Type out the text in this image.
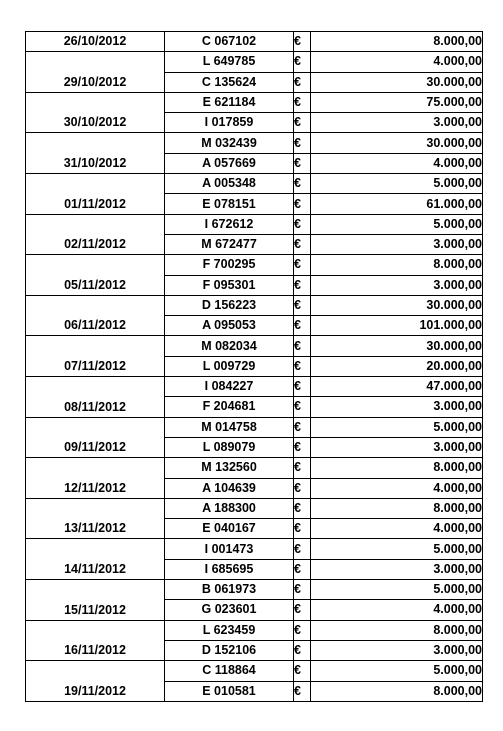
26/10/2012	C 067102	€	8.000,00
29/10/2012	L 649785	€	4.000,00
	C 135624	€	30.000,00
30/10/2012	E 621184	€	75.000,00
	I 017859	€	3.000,00
31/10/2012	M 032439	€	30.000,00
	A 057669	€	4.000,00
01/11/2012	A 005348	€	5.000,00
	E 078151	€	61.000,00
02/11/2012	I 672612	€	5.000,00
	M 672477	€	3.000,00
05/11/2012	F 700295	€	8.000,00
	F 095301	€	3.000,00
06/11/2012	D 156223	€	30.000,00
	A 095053	€	101.000,00
07/11/2012	M 082034	€	30.000,00
	L 009729	€	20.000,00
08/11/2012	I 084227	€	47.000,00
	F 204681	€	3.000,00
09/11/2012	M 014758	€	5.000,00
	L 089079	€	3.000,00
12/11/2012	M 132560	€	8.000,00
	A 104639	€	4.000,00
13/11/2012	A 188300	€	8.000,00
	E 040167	€	4.000,00
14/11/2012	I 001473	€	5.000,00
	I 685695	€	3.000,00
15/11/2012	B 061973	€	5.000,00
	G 023601	€	4.000,00
16/11/2012	L 623459	€	8.000,00
	D 152106	€	3.000,00
19/11/2012	C 118864	€	5.000,00
	E 010581	€	8.000,00
